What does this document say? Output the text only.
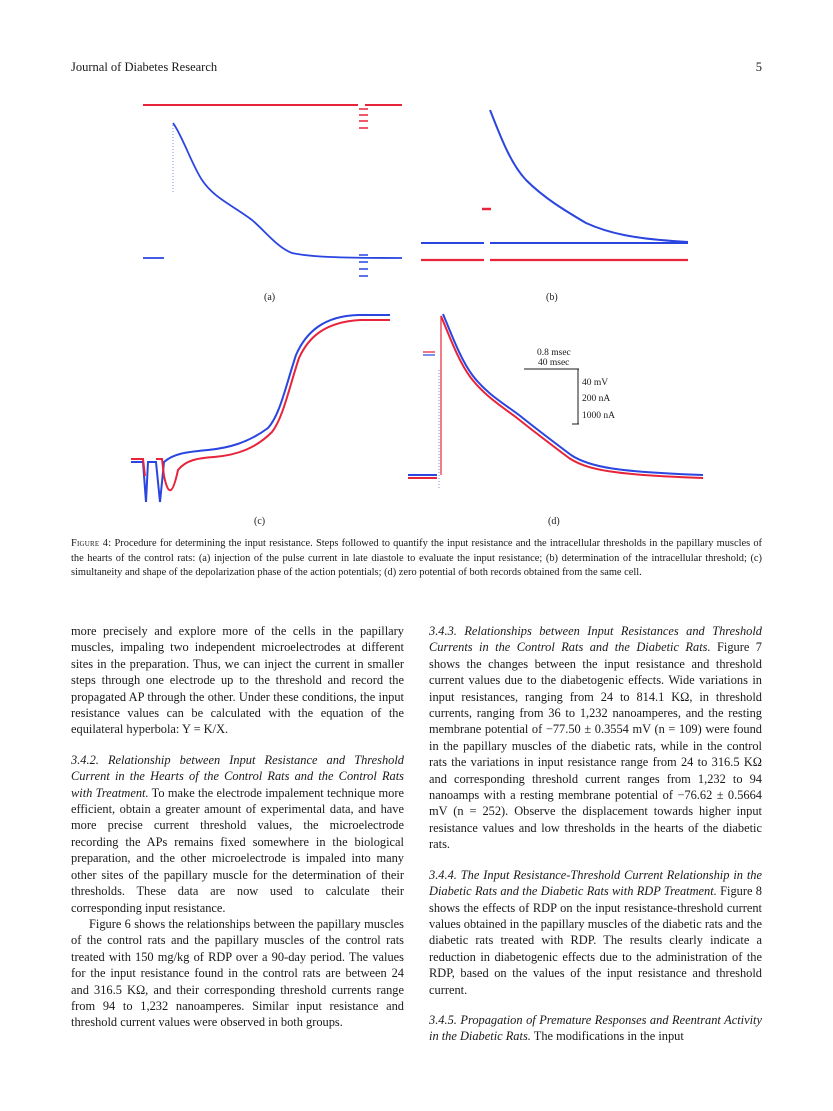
Journal of Diabetes Research	5
(a)	(b)
(c)	(d)
0.8 msec
40 msec
40 mV
200 nA
1000 nA
Figure 4: Procedure for determining the input resistance. Steps followed to quantify the input resistance and the intracellular thresholds in the papillary muscles of the hearts of the control rats: (a) injection of the pulse current in late diastole to evaluate the input resistance; (b) determination of the intracellular threshold; (c) simultaneity and shape of the depolarization phase of the action potentials; (d) zero potential of both records obtained from the same cell.

more precisely and explore more of the cells in the papillary muscles, impaling two independent microelectrodes at different sites in the preparation. Thus, we can inject the current in smaller steps through one electrode up to the threshold and record the propagated AP through the other. Under these conditions, the input resistance values can be calculated with the equation of the equilateral hyperbola: Y = K/X.

3.4.2. Relationship between Input Resistance and Threshold Current in the Hearts of the Control Rats and the Control Rats with Treatment. To make the electrode impalement technique more efficient, obtain a greater amount of experimental data, and have more precise current threshold values, the microelectrode recording the APs remains fixed somewhere in the biological preparation, and the other microelectrode is impaled into many other sites of the papillary muscle for the determination of their thresholds. These data are now used to calculate their corresponding input resistance.

Figure 6 shows the relationships between the papillary muscles of the control rats and the papillary muscles of the control rats treated with 150 mg/kg of RDP over a 90-day period. The values for the input resistance found in the control rats are between 24 and 316.5 KΩ, and their corresponding threshold currents range from 94 to 1,232 nanoamperes. Similar input resistance and threshold current values were observed in both groups.

3.4.3. Relationships between Input Resistances and Threshold Currents in the Control Rats and the Diabetic Rats. Figure 7 shows the changes between the input resistance and threshold current values due to the diabetogenic effects. Wide variations in input resistances, ranging from 24 to 814.1 KΩ, in threshold currents, ranging from 36 to 1,232 nanoamperes, and the resting membrane potential of −77.50 ± 0.3554 mV (n = 109) were found in the papillary muscles of the diabetic rats, while in the control rats the variations in input resistance range from 24 to 316.5 KΩ and corresponding threshold current ranges from 1,232 to 94 nanoamps with a resting membrane potential of −76.62 ± 0.5664 mV (n = 252). Observe the displacement towards higher input resistance values and low thresholds in the hearts of the diabetic rats.

3.4.4. The Input Resistance-Threshold Current Relationship in the Diabetic Rats and the Diabetic Rats with RDP Treatment. Figure 8 shows the effects of RDP on the input resistance-threshold current values obtained in the papillary muscles of the diabetic rats and the diabetic rats treated with RDP. The results clearly indicate a reduction in diabetogenic effects due to the administration of the RDP, based on the values of the input resistance and threshold current.

3.4.5. Propagation of Premature Responses and Reentrant Activity in the Diabetic Rats. The modifications in the input
